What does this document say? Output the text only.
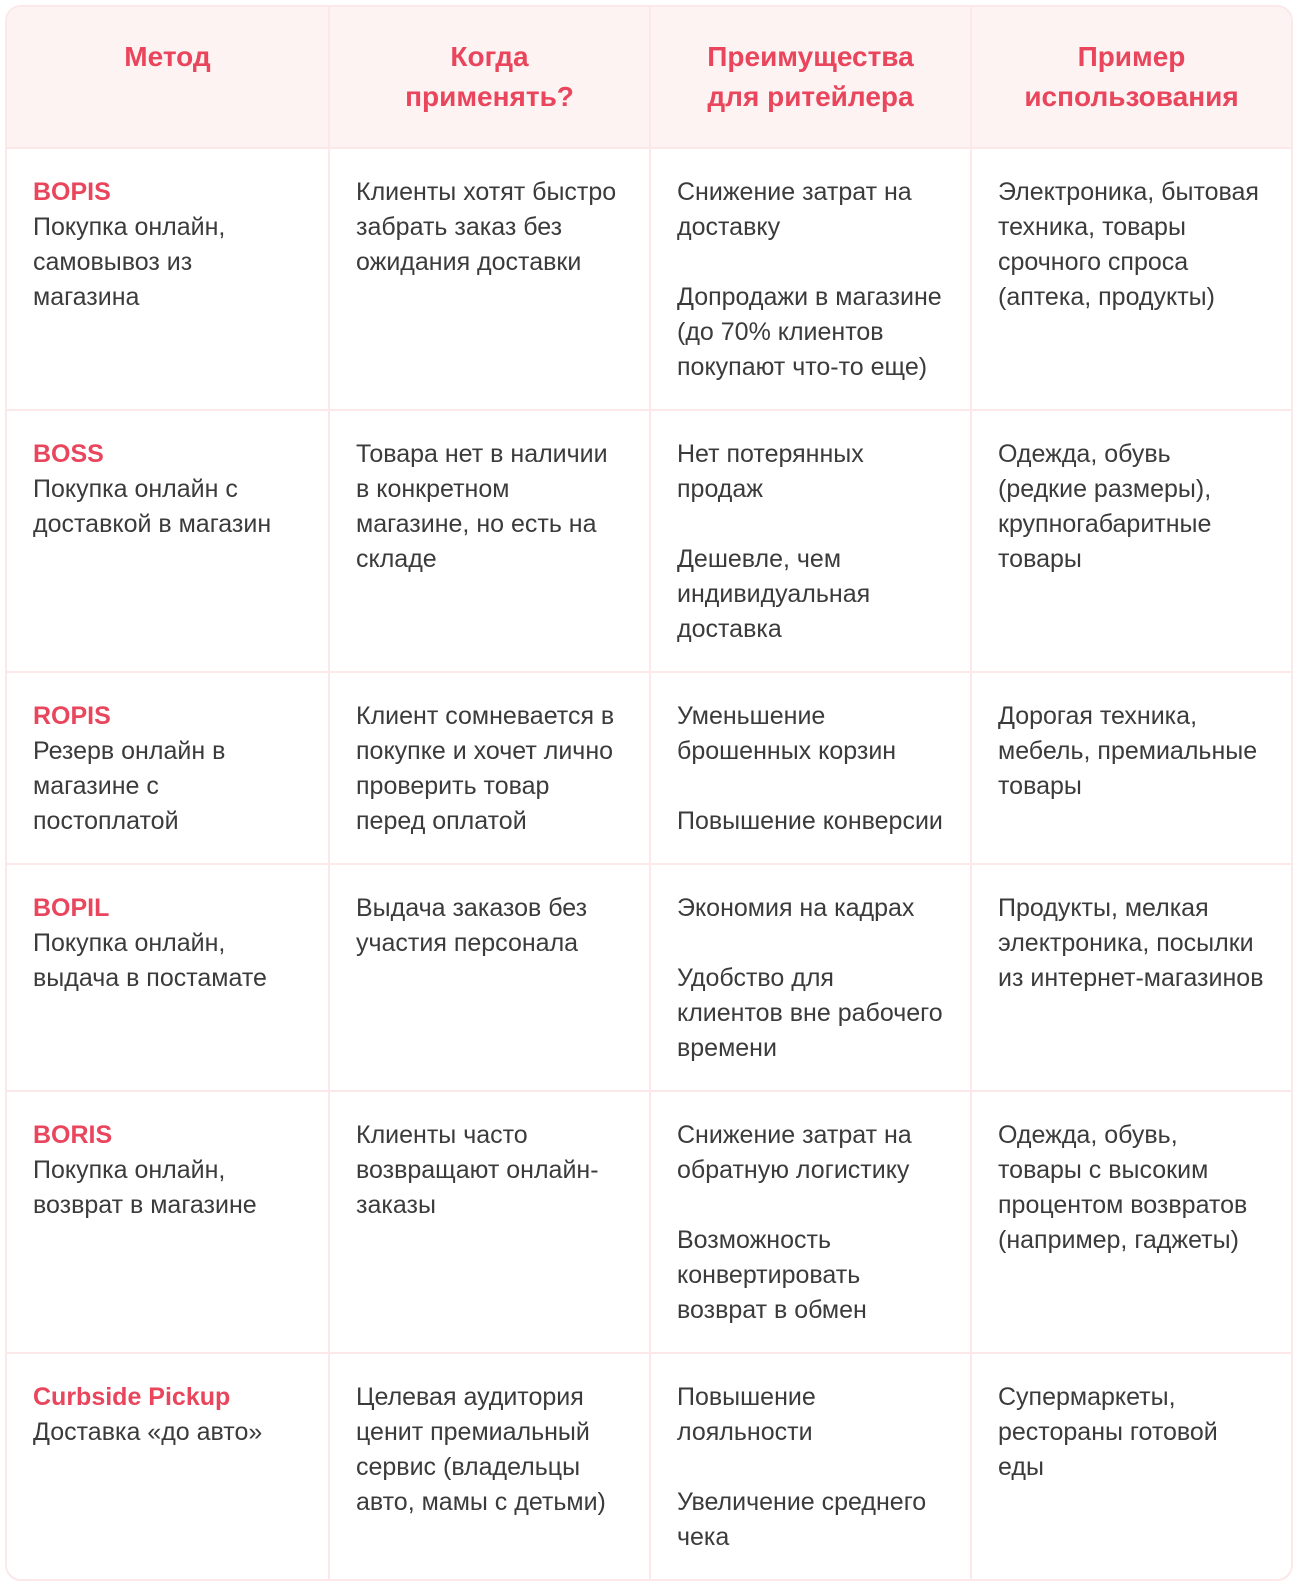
Метод	Когда применять?
Преимущества для ритейлера
Пример использования
BOPIS
Покупка онлайн, самовывоз из магазина

Клиенты хотят быстро забрать заказ без ожидания доставки

Снижение затрат на доставку

Допродажи в магазине (до 70% клиентов покупают что-то еще)

Электроника, бытовая техника, товары срочного спроса (аптека, продукты)

BOSS
Покупка онлайн с доставкой в магазин

Товара нет в наличии в конкретном магазине, но есть на складе

Нет потерянных продаж

Дешевле, чем индивидуальная доставка

Одежда, обувь (редкие размеры), крупногабаритные товары

ROPIS
Резерв онлайн в магазине с постоплатой

Клиент сомневается в покупке и хочет лично проверить товар перед оплатой

Уменьшение брошенных корзин

Повышение конверсии

Дорогая техника, мебель, премиальные товары

BOPIL
Покупка онлайн, выдача в постамате

Выдача заказов без участия персонала

Экономия на кадрах

Удобство для клиентов вне рабочего времени

Продукты, мелкая электроника, посылки из интернет-магазинов

BORIS
Покупка онлайн, возврат в магазине

Клиенты часто возвращают онлайн-заказы

Снижение затрат на обратную логистику

Возможность конвертировать возврат в обмен

Одежда, обувь, товары с высоким процентом возвратов (например, гаджеты)

Curbside Pickup
Доставка «до авто»

Целевая аудитория ценит премиальный сервис (владельцы авто, мамы с детьми)

Повышение лояльности

Увеличение среднего чека

Супермаркеты, рестораны готовой еды
